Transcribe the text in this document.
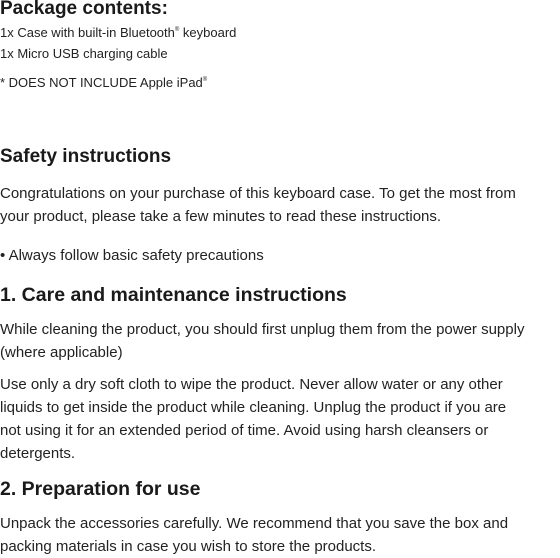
Package contents:

1x Case with built-in Bluetooth® keyboard

1x Micro USB charging cable

* DOES NOT INCLUDE Apple iPad®

Safety instructions

Congratulations on your purchase of this keyboard case. To get the most from
your product, please take a few minutes to read these instructions.

• Always follow basic safety precautions

1. Care and maintenance instructions

While cleaning the product, you should first unplug them from the power supply
(where applicable)

Use only a dry soft cloth to wipe the product. Never allow water or any other
liquids to get inside the product while cleaning. Unplug the product if you are
not using it for an extended period of time. Avoid using harsh cleansers or
detergents.

2. Preparation for use

Unpack the accessories carefully. We recommend that you save the box and
packing materials in case you wish to store the products.
